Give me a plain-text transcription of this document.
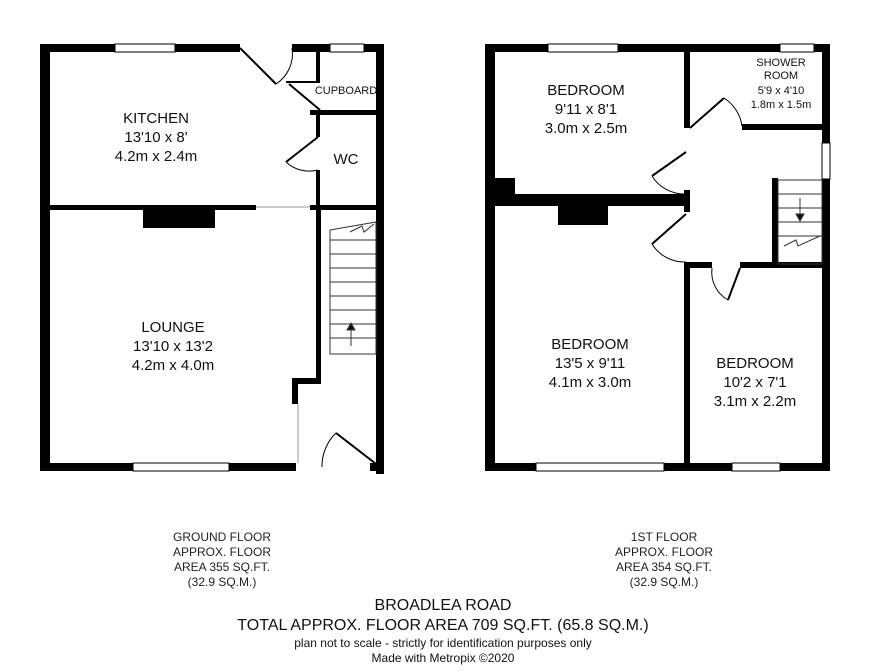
KITCHEN
13'10 x 8'
4.2m x 2.4m
LOUNGE
13'10 x 13'2
4.2m x 4.0m
CUPBOARD
WC
BEDROOM
9'11 x 8'1
3.0m x 2.5m
BEDROOM
13'5 x 9'11
4.1m x 3.0m
BEDROOM
10'2 x 7'1
3.1m x 2.2m
SHOWER
ROOM
5'9 x 4'10
1.8m x 1.5m
GROUND FLOOR
APPROX. FLOOR
AREA 355 SQ.FT.
(32.9 SQ.M.)
1ST FLOOR
APPROX. FLOOR
AREA 354 SQ.FT.
(32.9 SQ.M.)
BROADLEA ROAD
TOTAL APPROX. FLOOR AREA 709 SQ.FT. (65.8 SQ.M.)
plan not to scale - strictly for identification purposes only
Made with Metropix ©2020
